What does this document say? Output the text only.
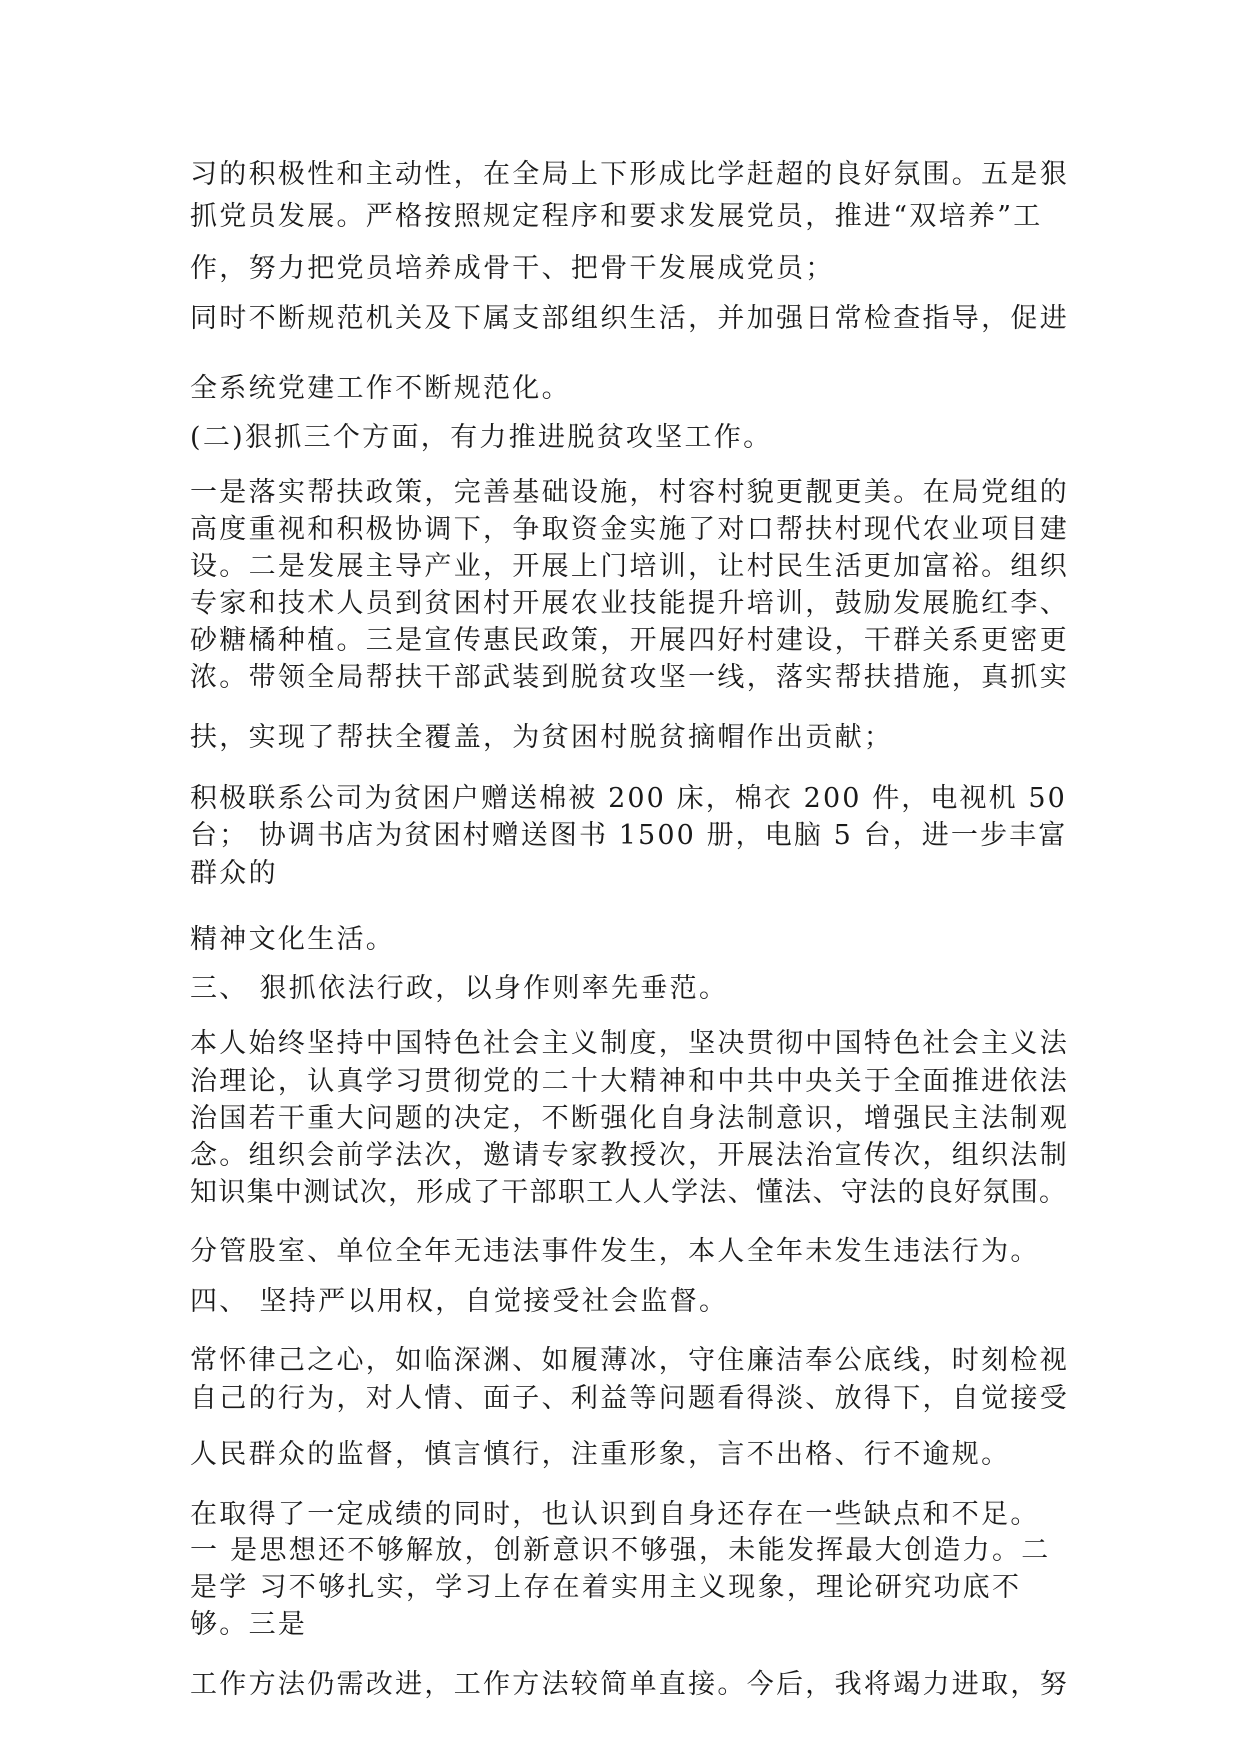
习的积极性和主动性，在全局上下形成比学赶超的良好氛围。五是狠
抓党员发展。严格按照规定程序和要求发展党员，推进“双培养”工
作，努力把党员培养成骨干、把骨干发展成党员；
同时不断规范机关及下属支部组织生活，并加强日常检查指导，促进
全系统党建工作不断规范化。
(二)狠抓三个方面，有力推进脱贫攻坚工作。
一是落实帮扶政策，完善基础设施，村容村貌更靓更美。在局党组的
高度重视和积极协调下，争取资金实施了对口帮扶村现代农业项目建
设。二是发展主导产业，开展上门培训，让村民生活更加富裕。组织
专家和技术人员到贫困村开展农业技能提升培训，鼓励发展脆红李、
砂糖橘种植。三是宣传惠民政策，开展四好村建设，干群关系更密更
浓。带领全局帮扶干部武装到脱贫攻坚一线，落实帮扶措施，真抓实
扶，实现了帮扶全覆盖，为贫困村脱贫摘帽作出贡献；
积极联系公司为贫困户赠送棉被 200 床，棉衣 200 件，电视机 50
台； 协调书店为贫困村赠送图书 1500 册，电脑 5 台，进一步丰富
群众的
精神文化生活。
三、 狠抓依法行政，以身作则率先垂范。
本人始终坚持中国特色社会主义制度，坚决贯彻中国特色社会主义法
治理论，认真学习贯彻党的二十大精神和中共中央关于全面推进依法
治国若干重大问题的决定，不断强化自身法制意识，增强民主法制观
念。组织会前学法次，邀请专家教授次，开展法治宣传次，组织法制
知识集中测试次，形成了干部职工人人学法、懂法、守法的良好氛围。
分管股室、单位全年无违法事件发生，本人全年未发生违法行为。
四、 坚持严以用权，自觉接受社会监督。
常怀律己之心，如临深渊、如履薄冰，守住廉洁奉公底线，时刻检视
自己的行为，对人情、面子、利益等问题看得淡、放得下，自觉接受
人民群众的监督，慎言慎行，注重形象，言不出格、行不逾规。
在取得了一定成绩的同时，也认识到自身还存在一些缺点和不足。
一 是思想还不够解放，创新意识不够强，未能发挥最大创造力。二
是学 习不够扎实，学习上存在着实用主义现象，理论研究功底不
够。三是
工作方法仍需改进，工作方法较简单直接。今后，我将竭力进取，努
